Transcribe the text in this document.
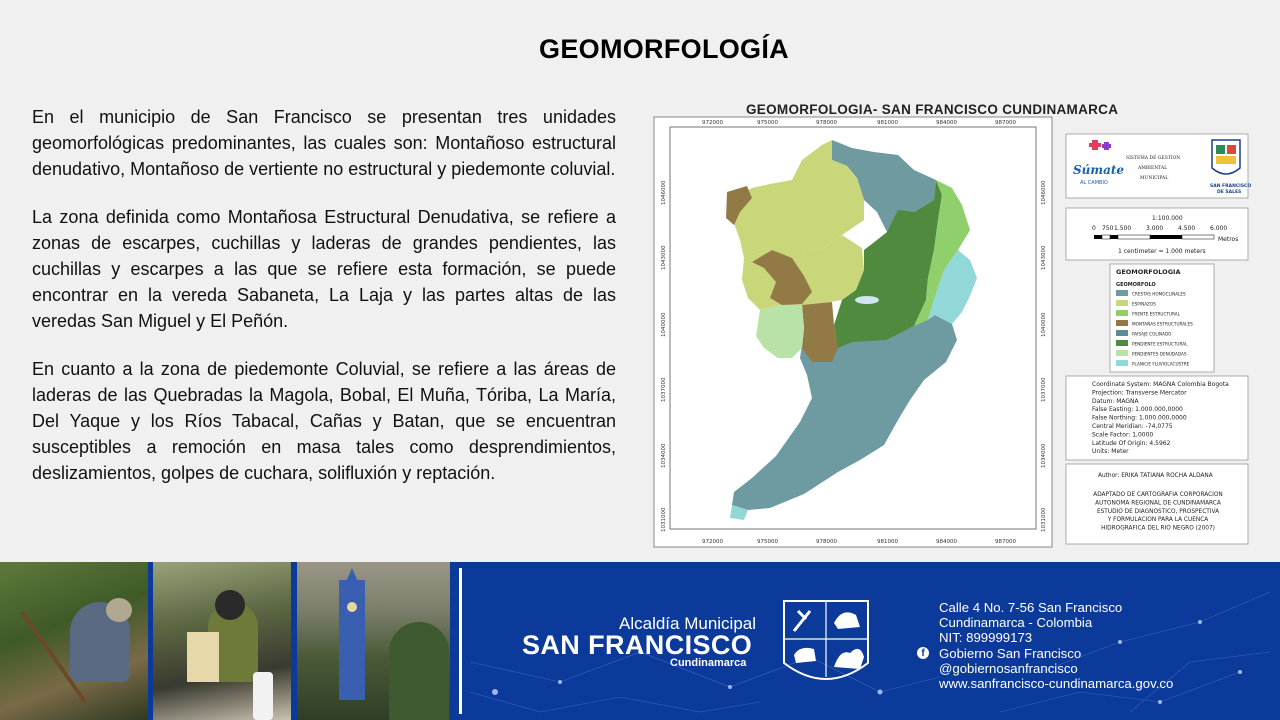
GEOMORFOLOGÍA

En el municipio de San Francisco se presentan tres unidades geomorfológicas predominantes, las cuales son: Montañoso estructural denudativo, Montañoso de vertiente no estructural y piedemonte coluvial.

La zona definida como Montañosa Estructural Denudativa, se refiere a zonas de escarpes, cuchillas y laderas de grandes pendientes, las cuchillas y escarpes a las que se refiere esta formación, se puede encontrar en la vereda Sabaneta, La Laja y las partes altas de las veredas San Miguel y El Peñón.

En cuanto a la zona de piedemonte Coluvial, se refiere a las áreas de laderas de las Quebradas la Magola, Bobal, El Muña, Tóriba, La María, Del Yaque y los Ríos Tabacal, Cañas y Batan, que se encuentran susceptibles a remoción en masa tales como desprendimientos, deslizamientos, golpes de cuchara, solifluxión y reptación.

GEOMORFOLOGIA- SAN FRANCISCO CUNDINAMARCA
972000	975000	978000	981000	984000	987000
972000	975000	978000	981000	984000	987000
1046000
1043000
1040000
1037000
1034000
1031000
1046000
1043000
1040000
1037000
1034000
1031000
Súmate
AL CAMBIO
SISTEMA DE GESTION
AMBIENTAL
MUNICIPAL
SAN FRANCISCO
DE SALES
1:100.000
0 750 1.500 3.000 4.500 6.000
Metros
1 centimeter = 1.000 meters
GEOMORFOLOGIA
GEOMORFOLO
CRESTAS HOMOCLINALES
ESPINAZOS
FRENTE ESTRUCTURAL
MONTAÑAS ESTRUCTURALES
PAISAJE COLINADO
PENDIENTE ESTRUCTURAL
PENDIENTES DENUDADAS
PLANICIE FLUVIOLACUSTRE
Coordinate System: MAGNA Colombia Bogota
Projection: Transverse Mercator
Datum: MAGNA
False Easting: 1.000.000,0000
False Northing: 1.000.000,0000
Central Meridian: -74,0775
Scale Factor: 1,0000
Latitude Of Origin: 4,5962
Units: Meter
Author: ERIKA TATIANA ROCHA ALDANA
ADAPTADO DE CARTOGRAFIA CORPORACION
AUTONOMA REGIONAL DE CUNDINAMARCA
ESTUDIO DE DIAGNOSTICO, PROSPECTIVA
Y FORMULACION PARA LA CUENCA
HIDROGRAFICA DEL RIO NEGRO (2007)
Alcaldía Municipal
SAN FRANCISCO
Cundinamarca
Calle 4 No. 7-56 San Francisco
Cundinamarca - Colombia
NIT: 899999173
f	Gobierno San Francisco
@gobiernosanfrancisco
www.sanfrancisco-cundinamarca.gov.co
